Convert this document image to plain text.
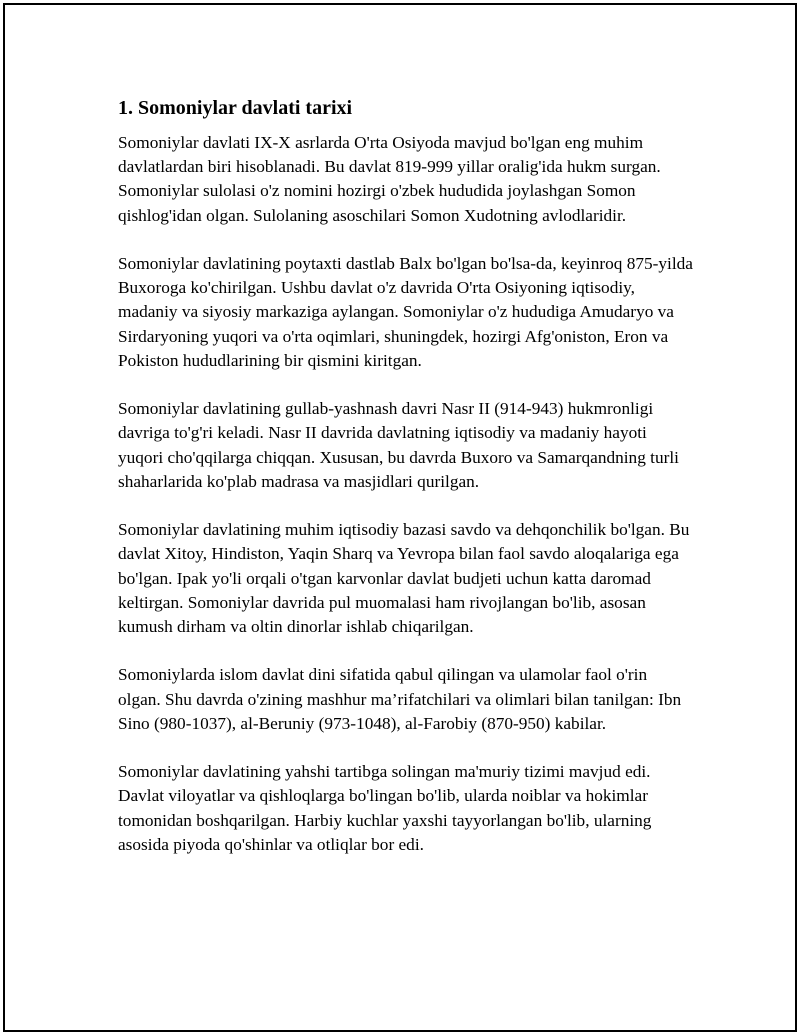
1. Somoniylar davlati tarixi

Somoniylar davlati IX-X asrlarda O'rta Osiyoda mavjud bo'lgan eng muhim davlatlardan biri hisoblanadi. Bu davlat 819-999 yillar oralig'ida hukm surgan. Somoniylar sulolasi o'z nomini hozirgi o'zbek hududida joylashgan Somon qishlog'idan olgan. Sulolaning asoschilari Somon Xudotning avlodlaridir.

Somoniylar davlatining poytaxti dastlab Balx bo'lgan bo'lsa-da, keyinroq 875-yilda Buxoroga ko'chirilgan. Ushbu davlat o'z davrida O'rta Osiyoning iqtisodiy, madaniy va siyosiy markaziga aylangan. Somoniylar o'z hududiga Amudaryo va Sirdaryoning yuqori va o'rta oqimlari, shuningdek, hozirgi Afg'oniston, Eron va Pokiston hududlarining bir qismini kiritgan.

Somoniylar davlatining gullab-yashnash davri Nasr II (914-943) hukmronligi davriga to'g'ri keladi. Nasr II davrida davlatning iqtisodiy va madaniy hayoti yuqori cho'qqilarga chiqqan. Xususan, bu davrda Buxoro va Samarqandning turli shaharlarida ko'plab madrasa va masjidlari qurilgan.

Somoniylar davlatining muhim iqtisodiy bazasi savdo va dehqonchilik bo'lgan. Bu davlat Xitoy, Hindiston, Yaqin Sharq va Yevropa bilan faol savdo aloqalariga ega bo'lgan. Ipak yo'li orqali o'tgan karvonlar davlat budjeti uchun katta daromad keltirgan. Somoniylar davrida pul muomalasi ham rivojlangan bo'lib, asosan kumush dirham va oltin dinorlar ishlab chiqarilgan.

Somoniylarda islom davlat dini sifatida qabul qilingan va ulamolar faol o'rin olgan. Shu davrda o'zining mashhur ma’rifatchilari va olimlari bilan tanilgan: Ibn Sino (980-1037), al-Beruniy (973-1048), al-Farobiy (870-950) kabilar.

Somoniylar davlatining yahshi tartibga solingan ma'muriy tizimi mavjud edi. Davlat viloyatlar va qishloqlarga bo'lingan bo'lib, ularda noiblar va hokimlar tomonidan boshqarilgan. Harbiy kuchlar yaxshi tayyorlangan bo'lib, ularning asosida piyoda qo'shinlar va otliqlar bor edi.
